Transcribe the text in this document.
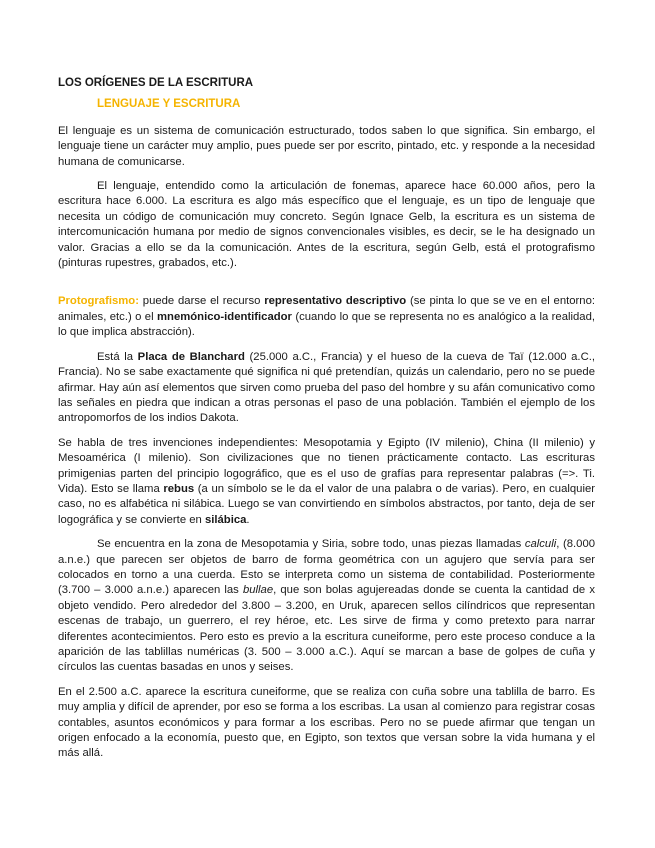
LOS ORÍGENES DE LA ESCRITURA
LENGUAJE Y ESCRITURA

El lenguaje es un sistema de comunicación estructurado, todos saben lo que significa. Sin embargo, el lenguaje tiene un carácter muy amplio, pues puede ser por escrito, pintado, etc. y responde a la necesidad humana de comunicarse.

El lenguaje, entendido como la articulación de fonemas, aparece hace 60.000 años, pero la escritura hace 6.000. La escritura es algo más específico que el lenguaje, es un tipo de lenguaje que necesita un código de comunicación muy concreto. Según Ignace Gelb, la escritura es un sistema de intercomunicación humana por medio de signos convencionales visibles, es decir, se le ha designado un valor. Gracias a ello se da la comunicación. Antes de la escritura, según Gelb, está el protografismo (pinturas rupestres, grabados, etc.).

Protografismo: puede darse el recurso representativo descriptivo (se pinta lo que se ve en el entorno: animales, etc.) o el mnemónico-identificador (cuando lo que se representa no es analógico a la realidad, lo que implica abstracción).

Está la Placa de Blanchard (25.000 a.C., Francia) y el hueso de la cueva de Taï (12.000 a.C., Francia). No se sabe exactamente qué significa ni qué pretendían, quizás un calendario, pero no se puede afirmar. Hay aún así elementos que sirven como prueba del paso del hombre y su afán comunicativo como las señales en piedra que indican a otras personas el paso de una población. También el ejemplo de los antropomorfos de los indios Dakota.

Se habla de tres invenciones independientes: Mesopotamia y Egipto (IV milenio), China (II milenio) y Mesoamérica (I milenio). Son civilizaciones que no tienen prácticamente contacto. Las escrituras primigenias parten del principio logográfico, que es el uso de grafías para representar palabras (=>. Ti. Vida). Esto se llama rebus (a un símbolo se le da el valor de una palabra o de varias). Pero, en cualquier caso, no es alfabética ni silábica. Luego se van convirtiendo en símbolos abstractos, por tanto, deja de ser logográfica y se convierte en silábica.

Se encuentra en la zona de Mesopotamia y Siria, sobre todo, unas piezas llamadas calculi, (8.000 a.n.e.) que parecen ser objetos de barro de forma geométrica con un agujero que servía para ser colocados en torno a una cuerda. Esto se interpreta como un sistema de contabilidad. Posteriormente (3.700 – 3.000 a.n.e.) aparecen las bullae, que son bolas agujereadas donde se cuenta la cantidad de x objeto vendido. Pero alrededor del 3.800 – 3.200, en Uruk, aparecen sellos cilíndricos que representan escenas de trabajo, un guerrero, el rey héroe, etc. Les sirve de firma y como pretexto para narrar diferentes acontecimientos. Pero esto es previo a la escritura cuneiforme, pero este proceso conduce a la aparición de las tablillas numéricas (3. 500 – 3.000 a.C.). Aquí se marcan a base de golpes de cuña y círculos las cuentas basadas en unos y seises.

En el 2.500 a.C. aparece la escritura cuneiforme, que se realiza con cuña sobre una tablilla de barro. Es muy amplia y difícil de aprender, por eso se forma a los escribas. La usan al comienzo para registrar cosas contables, asuntos económicos y para formar a los escribas. Pero no se puede afirmar que tengan un origen enfocado a la economía, puesto que, en Egipto, son textos que versan sobre la vida humana y el más allá.
